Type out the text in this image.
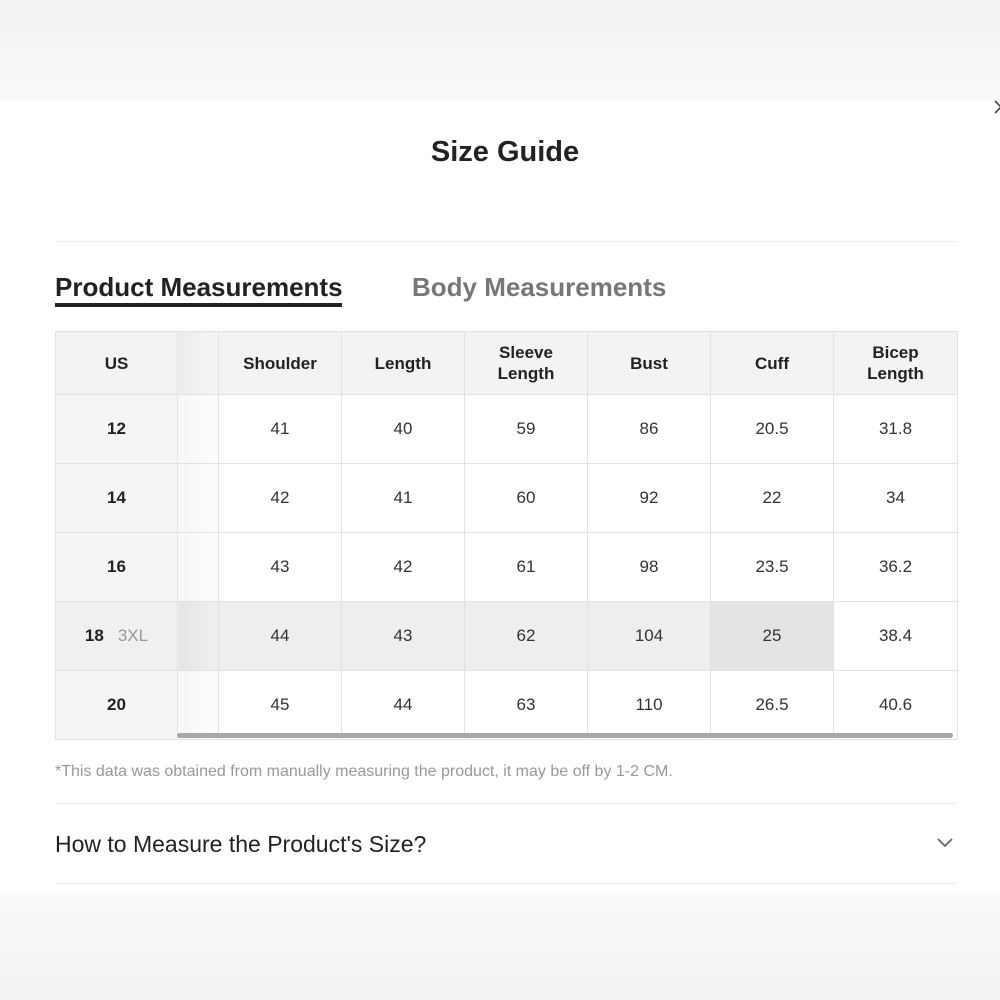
Size Guide
Product Measurements	Body Measurements
US		Shoulder	Length	Sleeve Length	Bust	Cuff	Bicep Length

12		41	40	59	86	20.5	31.8
14		42	41	60	92	22	34
16		43	42	61	98	23.5	36.2
18 3XL		44	43	62	104	25	38.4
20		45	44	63	110	26.5	40.6
*This data was obtained from manually measuring the product, it may be off by 1-2 CM.
How to Measure the Product's Size?
